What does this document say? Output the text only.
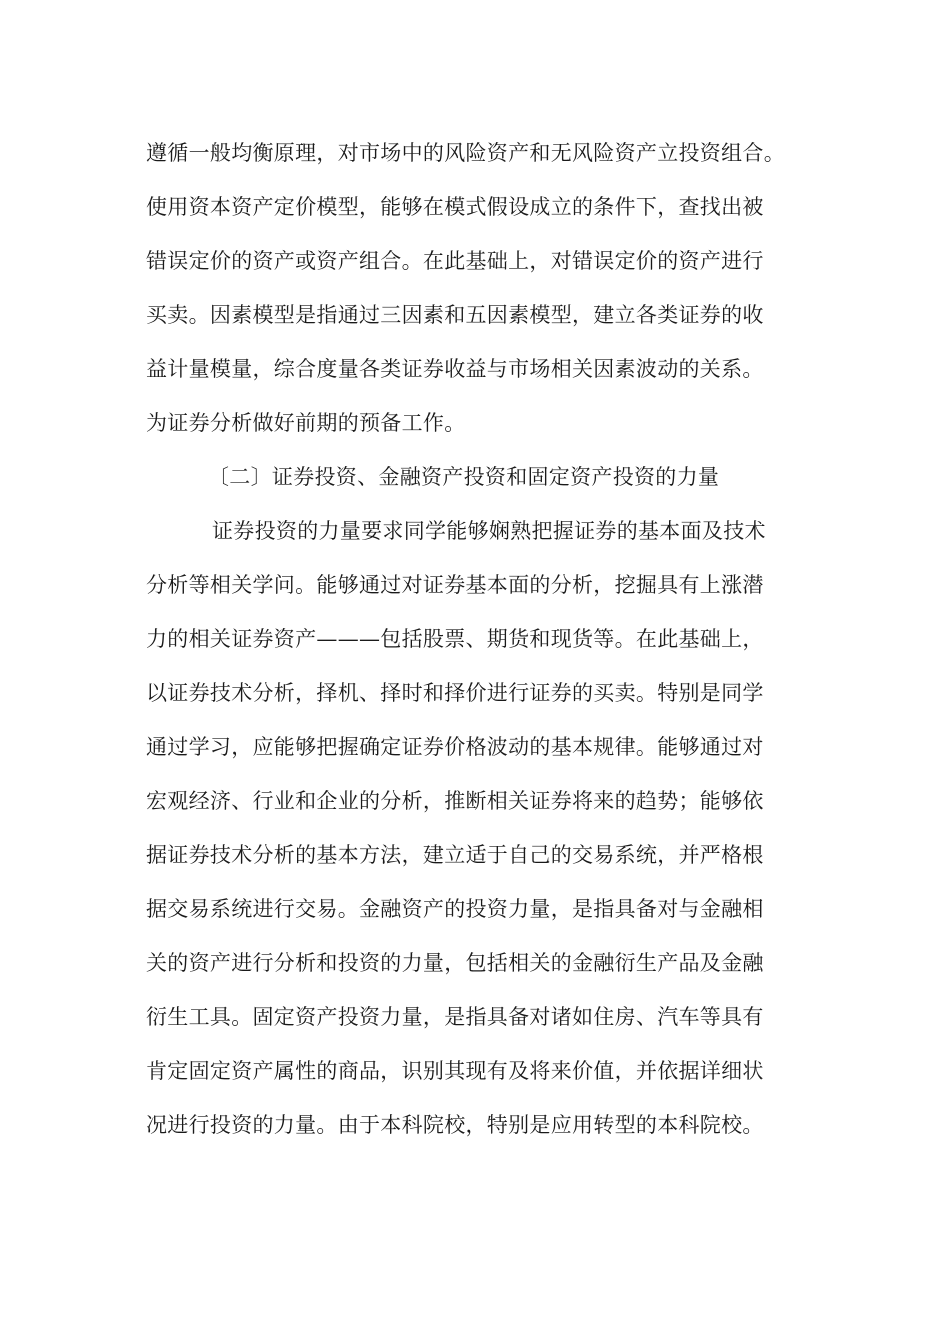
遵循一般均衡原理，对市场中的风险资产和无风险资产立投资组合。
使用资本资产定价模型，能够在模式假设成立的条件下，查找出被
错误定价的资产或资产组合。在此基础上，对错误定价的资产进行
买卖。因素模型是指通过三因素和五因素模型，建立各类证券的收
益计量模量，综合度量各类证券收益与市场相关因素波动的关系。
为证券分析做好前期的预备工作。
〔二〕证券投资、金融资产投资和固定资产投资的力量
证券投资的力量要求同学能够娴熟把握证券的基本面及技术
分析等相关学问。能够通过对证券基本面的分析，挖掘具有上涨潜
力的相关证券资产———包括股票、期货和现货等。在此基础上，
以证券技术分析，择机、择时和择价进行证券的买卖。特别是同学
通过学习，应能够把握确定证券价格波动的基本规律。能够通过对
宏观经济、行业和企业的分析，推断相关证券将来的趋势；能够依
据证券技术分析的基本方法，建立适于自己的交易系统，并严格根
据交易系统进行交易。金融资产的投资力量，是指具备对与金融相
关的资产进行分析和投资的力量，包括相关的金融衍生产品及金融
衍生工具。固定资产投资力量，是指具备对诸如住房、汽车等具有
肯定固定资产属性的商品，识别其现有及将来价值，并依据详细状
况进行投资的力量。由于本科院校，特别是应用转型的本科院校。
